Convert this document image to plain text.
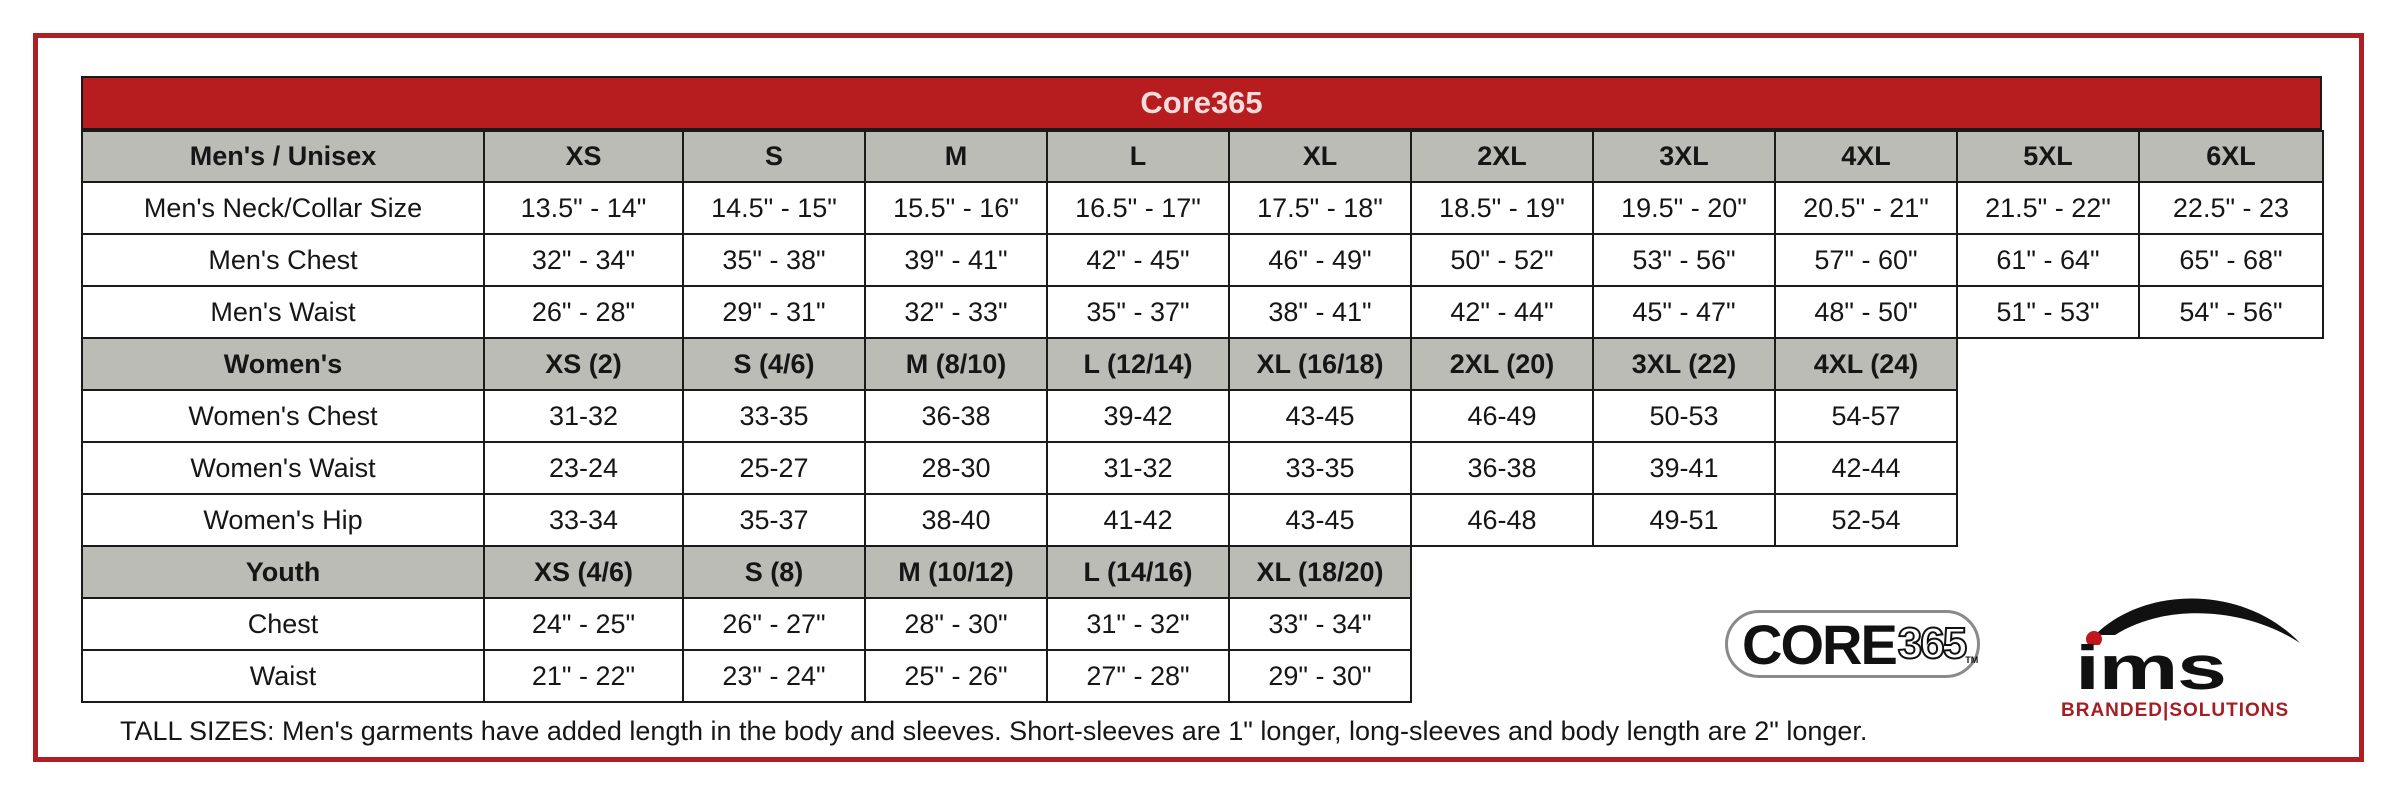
Core365
Men's / Unisex	XS	S	M	L	XL	2XL	3XL	4XL	5XL	6XL
Men's Neck/Collar Size	13.5" - 14"	14.5" - 15"	15.5" - 16"	16.5" - 17"	17.5" - 18"	18.5" - 19"	19.5" - 20"	20.5" - 21"	21.5" - 22"	22.5" - 23
Men's Chest	32" - 34"	35" - 38"	39" - 41"	42" - 45"	46" - 49"	50" - 52"	53" - 56"	57" - 60"	61" - 64"	65" - 68"
Men's Waist	26" - 28"	29" - 31"	32" - 33"	35" - 37"	38" - 41"	42" - 44"	45" - 47"	48" - 50"	51" - 53"	54" - 56"
Women's	XS (2)	S (4/6)	M (8/10)	L (12/14)	XL (16/18)	2XL (20)	3XL (22)	4XL (24)
Women's Chest	31-32	33-35	36-38	39-42	43-45	46-49	50-53	54-57
Women's Waist	23-24	25-27	28-30	31-32	33-35	36-38	39-41	42-44
Women's Hip	33-34	35-37	38-40	41-42	43-45	46-48	49-51	52-54
Youth	XS (4/6)	S (8)	M (10/12)	L (14/16)	XL (18/20)
Chest	24" - 25"	26" - 27"	28" - 30"	31" - 32"	33" - 34"
Waist	21" - 22"	23" - 24"	25" - 26"	27" - 28"	29" - 30"
TALL SIZES: Men's garments have added length in the body and sleeves. Short-sleeves are 1" longer, long-sleeves and body length are 2" longer.
CORE 365 TM ims
BRANDED|SOLUTIONS
